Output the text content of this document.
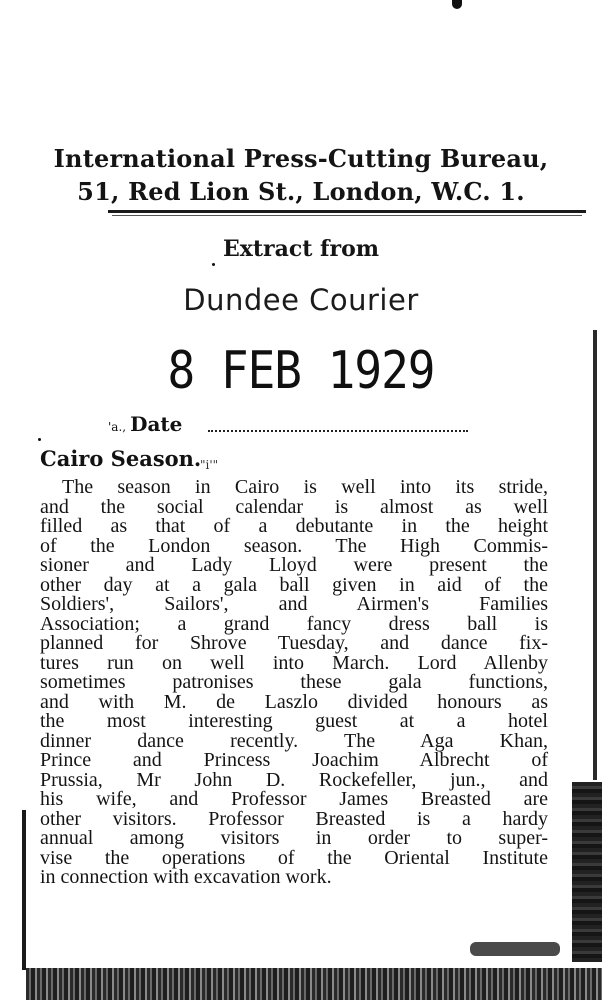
International Press-Cutting Bureau,
51, Red Lion St., London, W.C. 1.
Extract from
Dundee Courier
8 FEB 1929
'a., Date
Cairo Season.
"i'"
The season in Cairo is well into its stride,
and the social calendar is almost as well
filled as that of a debutante in the height
of the London season. The High Commis-
sioner and Lady Lloyd were present the
other day at a gala ball given in aid of the
Soldiers', Sailors', and Airmen's Families
Association; a grand fancy dress ball is
planned for Shrove Tuesday, and dance fix-
tures run on well into March. Lord Allenby
sometimes patronises these gala functions,
and with M. de Laszlo divided honours as
the most interesting guest at a hotel
dinner dance recently. The Aga Khan,
Prince and Princess Joachim Albrecht of
Prussia, Mr John D. Rockefeller, jun., and
his wife, and Professor James Breasted are
other visitors. Professor Breasted is a hardy
annual among visitors in order to super-
vise the operations of the Oriental Institute
in connection with excavation work.
